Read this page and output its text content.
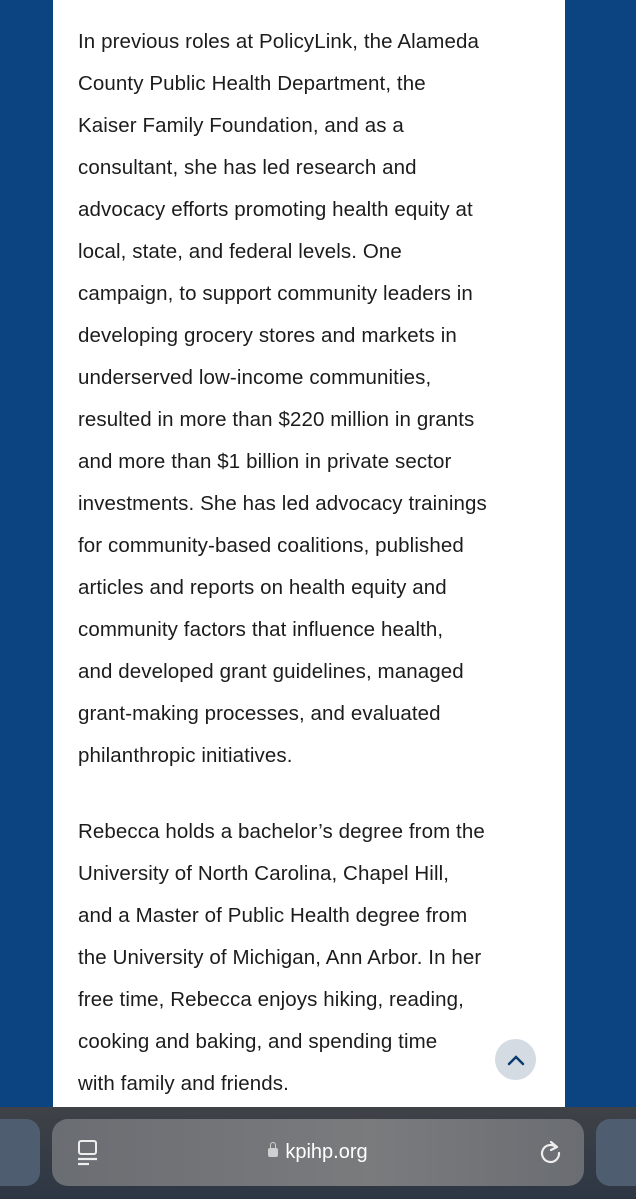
In previous roles at PolicyLink, the Alameda
County Public Health Department, the
Kaiser Family Foundation, and as a
consultant, she has led research and
advocacy efforts promoting health equity at
local, state, and federal levels. One
campaign, to support community leaders in
developing grocery stores and markets in
underserved low-income communities,
resulted in more than $220 million in grants
and more than $1 billion in private sector
investments. She has led advocacy trainings
for community-based coalitions, published
articles and reports on health equity and
community factors that influence health,
and developed grant guidelines, managed
grant-making processes, and evaluated
philanthropic initiatives.
Rebecca holds a bachelor’s degree from the
University of North Carolina, Chapel Hill,
and a Master of Public Health degree from
the University of Michigan, Ann Arbor. In her
free time, Rebecca enjoys hiking, reading,
cooking and baking, and spending time
with family and friends.
kpihp.org
